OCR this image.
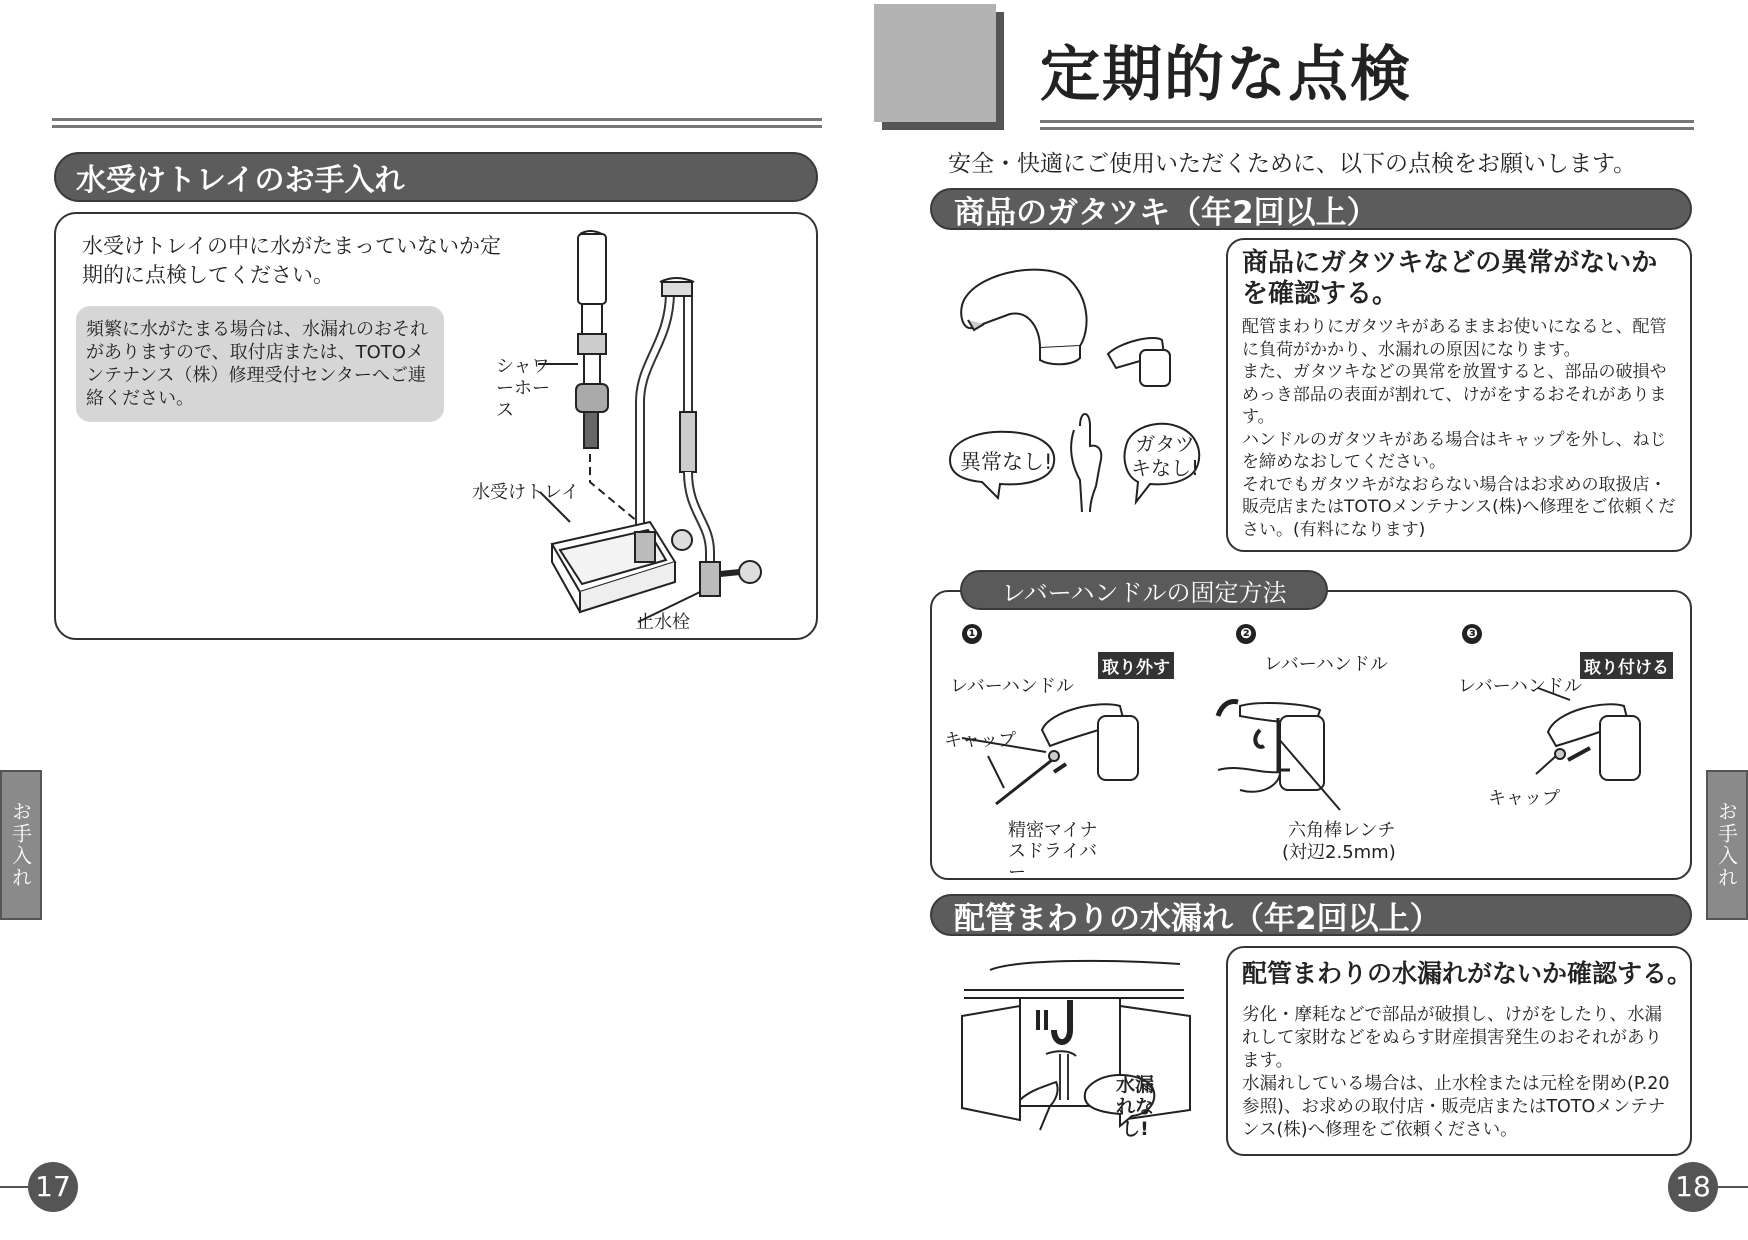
水受けトレイのお手入れ
水受けトレイの中に水がたまっていないか定期的に点検してください。
頻繁に水がたまる場合は、水漏れのおそれがありますので、取付店または、TOTOメンテナンス（株）修理受付センターへご連絡ください。
シャワーホース
水受けトレイ
止水栓
お手入れ
17
定期的な点検
安全・快適にご使用いただくために、以下の点検をお願いします。
商品のガタツキ（年2回以上）
異常なし!
ガタツキなし!
商品にガタツキなどの異常がないかを確認する。
配管まわりにガタツキがあるままお使いになると、配管に負荷がかかり、水漏れの原因になります。
また、ガタツキなどの異常を放置すると、部品の破損やめっき部品の表面が割れて、けがをするおそれがあります。
ハンドルのガタツキがある場合はキャップを外し、ねじを締めなおしてください。
それでもガタツキがなおらない場合はお求めの取扱店・販売店またはTOTOメンテナンス(株)へ修理をご依頼ください。(有料になります)
レバーハンドルの固定方法
❶	❷	❸
取り外す	取り付ける
レバーハンドル
キャップ
精密マイナスドライバー
レバーハンドル
六角棒レンチ
(対辺2.5mm)
レバーハンドル
キャップ
配管まわりの水漏れ（年2回以上）
水漏れなし!
配管まわりの水漏れがないか確認する。
劣化・摩耗などで部品が破損し、けがをしたり、水漏れして家財などをぬらす財産損害発生のおそれがあります。
水漏れしている場合は、止水栓または元栓を閉め(P.20参照)、お求めの取付店・販売店またはTOTOメンテナンス(株)へ修理をご依頼ください。
お手入れ
18
